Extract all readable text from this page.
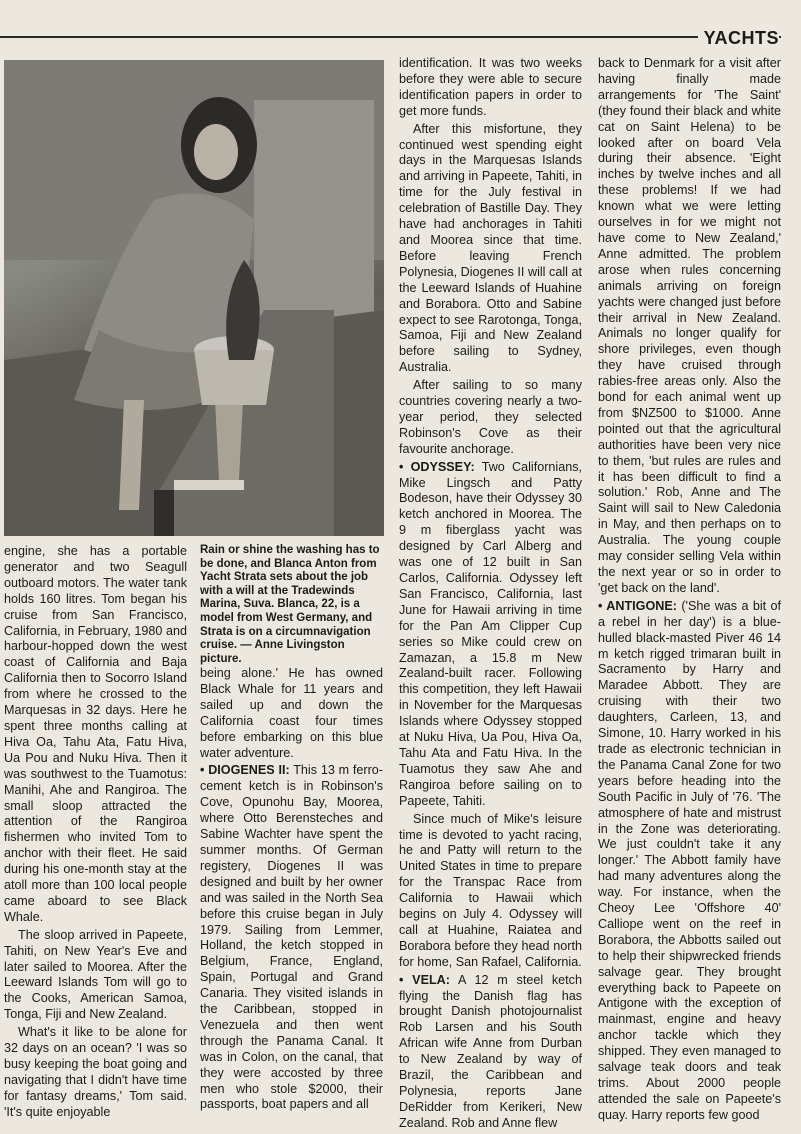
YACHTS

engine, she has a portable generator and two Seagull outboard motors. The water tank holds 160 litres. Tom began his cruise from San Francisco, California, in February, 1980 and harbour-hopped down the west coast of California and Baja California then to Socorro Island from where he crossed to the Marquesas in 32 days. Here he spent three months calling at Hiva Oa, Tahu Ata, Fatu Hiva, Ua Pou and Nuku Hiva. Then it was southwest to the Tuamotus: Manihi, Ahe and Rangiroa. The small sloop attracted the attention of the Rangiroa fishermen who invited Tom to anchor with their fleet. He said during his one-month stay at the atoll more than 100 local people came aboard to see Black Whale.

The sloop arrived in Papeete, Tahiti, on New Year's Eve and later sailed to Moorea. After the Leeward Islands Tom will go to the Cooks, American Samoa, Tonga, Fiji and New Zealand.

What's it like to be alone for 32 days on an ocean? 'I was so busy keeping the boat going and navigating that I didn't have time for fantasy dreams,' Tom said. 'It's quite enjoyable

Rain or shine the washing has to be done, and Blanca Anton from Yacht Strata sets about the job with a will at the Tradewinds Marina, Suva. Blanca, 22, is a model from West Germany, and Strata is on a circumnavigation cruise. — Anne Livingston picture.

being alone.' He has owned Black Whale for 11 years and sailed up and down the California coast four times before embarking on this blue water adventure.

• DIOGENES II: This 13 m ferro-cement ketch is in Robinson's Cove, Opunohu Bay, Moorea, where Otto Berensteches and Sabine Wachter have spent the summer months. Of German registery, Diogenes II was designed and built by her owner and was sailed in the North Sea before this cruise began in July 1979. Sailing from Lemmer, Holland, the ketch stopped in Belgium, France, England, Spain, Portugal and Grand Canaria. They visited islands in the Caribbean, stopped in Venezuela and then went through the Panama Canal. It was in Colon, on the canal, that they were accosted by three men who stole $2000, their passports, boat papers and all

identification. It was two weeks before they were able to secure identification papers in order to get more funds.

After this misfortune, they continued west spending eight days in the Marquesas Islands and arriving in Papeete, Tahiti, in time for the July festival in celebration of Bastille Day. They have had anchorages in Tahiti and Moorea since that time. Before leaving French Polynesia, Diogenes II will call at the Leeward Islands of Huahine and Borabora. Otto and Sabine expect to see Rarotonga, Tonga, Samoa, Fiji and New Zealand before sailing to Sydney, Australia.

After sailing to so many countries covering nearly a two-year period, they selected Robinson's Cove as their favourite anchorage.

• ODYSSEY: Two Californians, Mike Lingsch and Patty Bodeson, have their Odyssey 30 ketch anchored in Moorea. The 9 m fiberglass yacht was designed by Carl Alberg and was one of 12 built in San Carlos, California. Odyssey left San Francisco, California, last June for Hawaii arriving in time for the Pan Am Clipper Cup series so Mike could crew on Zamazan, a 15.8 m New Zealand-built racer. Following this competition, they left Hawaii in November for the Marquesas Islands where Odyssey stopped at Nuku Hiva, Ua Pou, Hiva Oa, Tahu Ata and Fatu Hiva. In the Tuamotus they saw Ahe and Rangiroa before sailing on to Papeete, Tahiti.

Since much of Mike's leisure time is devoted to yacht racing, he and Patty will return to the United States in time to prepare for the Transpac Race from California to Hawaii which begins on July 4. Odyssey will call at Huahine, Raiatea and Borabora before they head north for home, San Rafael, California.

• VELA: A 12 m steel ketch flying the Danish flag has brought Danish photojournalist Rob Larsen and his South African wife Anne from Durban to New Zealand by way of Brazil, the Caribbean and Polynesia, reports Jane DeRidder from Kerikeri, New Zealand. Rob and Anne flew

back to Denmark for a visit after having finally made arrangements for 'The Saint' (they found their black and white cat on Saint Helena) to be looked after on board Vela during their absence. 'Eight inches by twelve inches and all these problems! If we had known what we were letting ourselves in for we might not have come to New Zealand,' Anne admitted. The problem arose when rules concerning animals arriving on foreign yachts were changed just before their arrival in New Zealand. Animals no longer qualify for shore privileges, even though they have cruised through rabies-free areas only. Also the bond for each animal went up from $NZ500 to $1000. Anne pointed out that the agricultural authorities have been very nice to them, 'but rules are rules and it has been difficult to find a solution.' Rob, Anne and The Saint will sail to New Caledonia in May, and then perhaps on to Australia. The young couple may consider selling Vela within the next year or so in order to 'get back on the land'.

• ANTIGONE: ('She was a bit of a rebel in her day') is a blue-hulled black-masted Piver 46 14 m ketch rigged trimaran built in Sacramento by Harry and Maradee Abbott. They are cruising with their two daughters, Carleen, 13, and Simone, 10. Harry worked in his trade as electronic technician in the Panama Canal Zone for two years before heading into the South Pacific in July of '76. 'The atmosphere of hate and mistrust in the Zone was deteriorating. We just couldn't take it any longer.' The Abbott family have had many adventures along the way. For instance, when the Cheoy Lee 'Offshore 40' Calliope went on the reef in Borabora, the Abbotts sailed out to help their shipwrecked friends salvage gear. They brought everything back to Papeete on Antigone with the exception of mainmast, engine and heavy anchor tackle which they shipped. They even managed to salvage teak doors and teak trims. About 2000 people attended the sale on Papeete's quay. Harry reports few good
